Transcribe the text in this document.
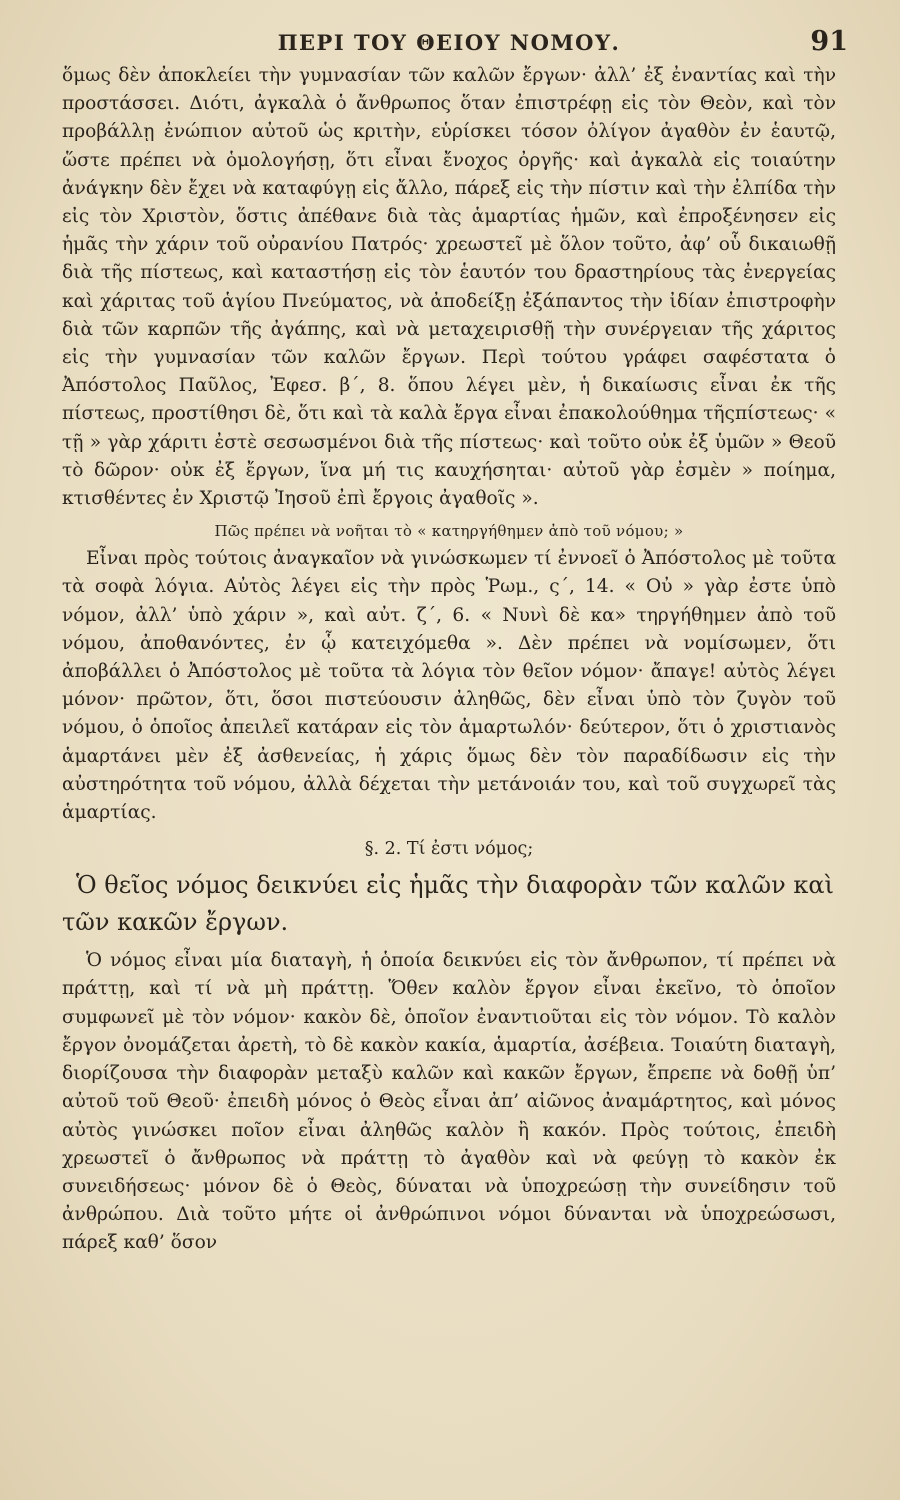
ΠΕΡΙ ΤΟΥ ΘΕΙΟΥ ΝΟΜΟΥ.	91

ὅμως δὲν ἀποκλείει τὴν γυμνασίαν τῶν καλῶν ἔργων· ἀλλ’ ἐξ ἐναντίας καὶ τὴν προστάσσει. Διότι, ἀγκαλὰ ὁ ἄνθρωπος ὅταν ἐπιστρέφῃ εἰς τὸν Θεὸν, καὶ τὸν προβάλλῃ ἐνώπιον αὐτοῦ ὡς κριτὴν, εὑρίσκει τόσον ὀλίγον ἀγαθὸν ἐν ἑαυτῷ, ὥστε πρέπει νὰ ὁμολογήσῃ, ὅτι εἶναι ἔνοχος ὀργῆς· καὶ ἀγκαλὰ εἰς τοιαύτην ἀνάγκην δὲν ἔχει νὰ καταφύγῃ εἰς ἄλλο, πάρεξ εἰς τὴν πίστιν καὶ τὴν ἐλπίδα τὴν εἰς τὸν Χριστὸν, ὅστις ἀπέθανε διὰ τὰς ἁμαρτίας ἡμῶν, καὶ ἐπροξένησεν εἰς ἡμᾶς τὴν χάριν τοῦ οὐρανίου Πατρός· χρεωστεῖ μὲ ὅλον τοῦτο, ἀφ’ οὗ δικαιωθῇ διὰ τῆς πίστεως, καὶ καταστήσῃ εἰς τὸν ἑαυτόν του δραστηρίους τὰς ἐνεργείας καὶ χάριτας τοῦ ἁγίου Πνεύματος, νὰ ἀποδείξῃ ἐξάπαντος τὴν ἰδίαν ἐπιστροφὴν διὰ τῶν καρπῶν τῆς ἀγάπης, καὶ νὰ μεταχειρισθῇ τὴν συνέργειαν τῆς χάριτος εἰς τὴν γυμνασίαν τῶν καλῶν ἔργων. Περὶ τούτου γράφει σαφέστατα ὁ Ἀπόστολος Παῦλος, Ἐφεσ. β´, 8. ὅπου λέγει μὲν, ἡ δικαίωσις εἶναι ἐκ τῆς πίστεως, προστίθησι δὲ, ὅτι καὶ τὰ καλὰ ἔργα εἶναι ἐπακολούθημα τῆςπίστεως· « τῇ » γὰρ χάριτι ἐστὲ σεσωσμένοι διὰ τῆς πίστεως· καὶ τοῦτο οὐκ ἐξ ὑμῶν » Θεοῦ τὸ δῶρον· οὐκ ἐξ ἔργων, ἵνα μή τις καυχήσηται· αὐτοῦ γὰρ ἐσμὲν » ποίημα, κτισθέντες ἐν Χριστῷ Ἰησοῦ ἐπὶ ἔργοις ἀγαθοῖς ».

Πῶς πρέπει νὰ νοῆται τὸ « κατηργήθημεν ἀπὸ τοῦ νόμου; »

Εἶναι πρὸς τούτοις ἀναγκαῖον νὰ γινώσκωμεν τί ἐννοεῖ ὁ Ἀπόστολος μὲ τοῦτα τὰ σοφὰ λόγια. Αὐτὸς λέγει εἰς τὴν πρὸς Ῥωμ., ς´, 14. « Οὐ » γὰρ ἐστε ὑπὸ νόμον, ἀλλ’ ὑπὸ χάριν », καὶ αὐτ. ζ´, 6. « Νυνὶ δὲ κα» τηργήθημεν ἀπὸ τοῦ νόμου, ἀποθανόντες, ἐν ᾧ κατειχόμεθα ». Δὲν πρέπει νὰ νομίσωμεν, ὅτι ἀποβάλλει ὁ Ἀπόστολος μὲ τοῦτα τὰ λόγια τὸν θεῖον νόμον· ἄπαγε! αὐτὸς λέγει μόνον· πρῶτον, ὅτι, ὅσοι πιστεύουσιν ἀληθῶς, δὲν εἶναι ὑπὸ τὸν ζυγὸν τοῦ νόμου, ὁ ὁποῖος ἀπειλεῖ κατάραν εἰς τὸν ἁμαρτωλόν· δεύτερον, ὅτι ὁ χριστιανὸς ἁμαρτάνει μὲν ἐξ ἀσθενείας, ἡ χάρις ὅμως δὲν τὸν παραδίδωσιν εἰς τὴν αὐστηρότητα τοῦ νόμου, ἀλλὰ δέχεται τὴν μετάνοιάν του, καὶ τοῦ συγχωρεῖ τὰς ἁμαρτίας.

§. 2. Τί ἐστι νόμος;

Ὁ θεῖος νόμος δεικνύει εἰς ἡμᾶς τὴν διαφορὰν τῶν καλῶν καὶ τῶν κακῶν ἔργων.

Ὁ νόμος εἶναι μία διαταγὴ, ἡ ὁποία δεικνύει εἰς τὸν ἄνθρωπον, τί πρέπει νὰ πράττῃ, καὶ τί νὰ μὴ πράττῃ. Ὅθεν καλὸν ἔργον εἶναι ἐκεῖνο, τὸ ὁποῖον συμφωνεῖ μὲ τὸν νόμον· κακὸν δὲ, ὁποῖον ἐναντιοῦται εἰς τὸν νόμον. Τὸ καλὸν ἔργον ὀνομάζεται ἀρετὴ, τὸ δὲ κακὸν κακία, ἁμαρτία, ἀσέβεια. Τοιαύτη διαταγὴ, διορίζουσα τὴν διαφορὰν μεταξὺ καλῶν καὶ κακῶν ἔργων, ἔπρεπε νὰ δοθῇ ὑπ’ αὐτοῦ τοῦ Θεοῦ· ἐπειδὴ μόνος ὁ Θεὸς εἶναι ἀπ’ αἰῶνος ἀναμάρτητος, καὶ μόνος αὐτὸς γινώσκει ποῖον εἶναι ἀληθῶς καλὸν ἢ κακόν. Πρὸς τούτοις, ἐπειδὴ χρεωστεῖ ὁ ἄνθρωπος νὰ πράττῃ τὸ ἀγαθὸν καὶ νὰ φεύγῃ τὸ κακὸν ἐκ συνειδήσεως· μόνον δὲ ὁ Θεὸς, δύναται νὰ ὑποχρεώσῃ τὴν συνείδησιν τοῦ ἀνθρώπου. Διὰ τοῦτο μήτε οἱ ἀνθρώπινοι νόμοι δύνανται νὰ ὑποχρεώσωσι, πάρεξ καθ’ ὅσον
